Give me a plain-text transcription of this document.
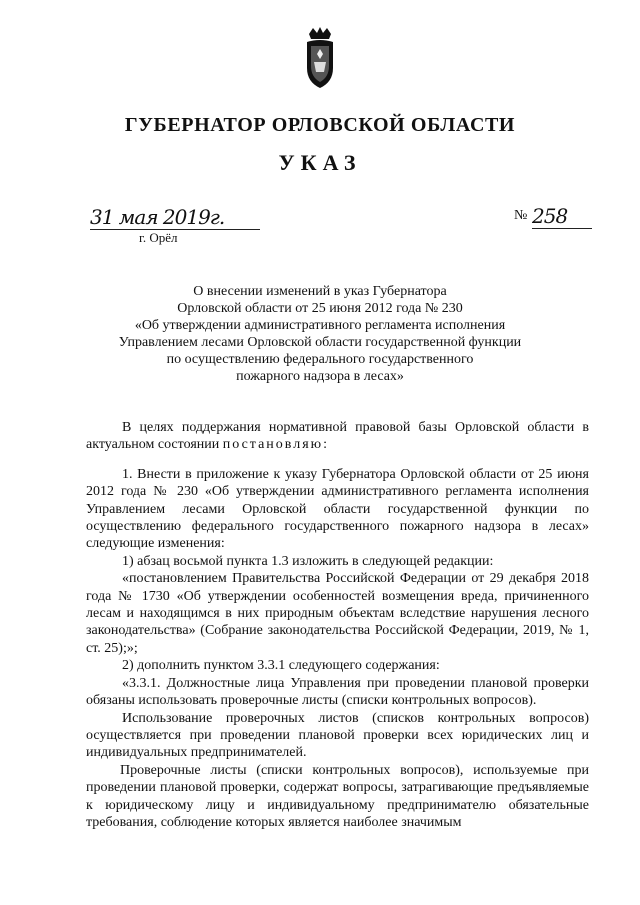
ГУБЕРНАТОР ОРЛОВСКОЙ ОБЛАСТИ
УКАЗ
31 мая 2019г.
г. Орёл
№ 258
О внесении изменений в указ Губернатора
Орловской области от 25 июня 2012 года № 230
«Об утверждении административного регламента исполнения
Управлением лесами Орловской области государственной функции
по осуществлению федерального государственного
пожарного надзора в лесах»

В целях поддержания нормативной правовой базы Орловской области в актуальном состоянии постановляю:

1. Внести в приложение к указу Губернатора Орловской области от 25 июня 2012 года № 230 «Об утверждении административного регламента исполнения Управлением лесами Орловской области государственной функции по осуществлению федерального государственного пожарного надзора в лесах» следующие изменения:

1) абзац восьмой пункта 1.3 изложить в следующей редакции:

«постановлением Правительства Российской Федерации от 29 декабря 2018 года № 1730 «Об утверждении особенностей возмещения вреда, причиненного лесам и находящимся в них природным объектам вследствие нарушения лесного законодательства» (Собрание законодательства Российской Федерации, 2019, № 1, ст. 25);»;

2) дополнить пунктом 3.3.1 следующего содержания:

«3.3.1. Должностные лица Управления при проведении плановой проверки обязаны использовать проверочные листы (списки контрольных вопросов).

Использование проверочных листов (списков контрольных вопросов) осуществляется при проведении плановой проверки всех юридических лиц и индивидуальных предпринимателей.

Проверочные листы (списки контрольных вопросов), используемые при проведении плановой проверки, содержат вопросы, затрагивающие предъявляемые к юридическому лицу и индивидуальному предпринимателю обязательные требования, соблюдение которых является наиболее значимым
